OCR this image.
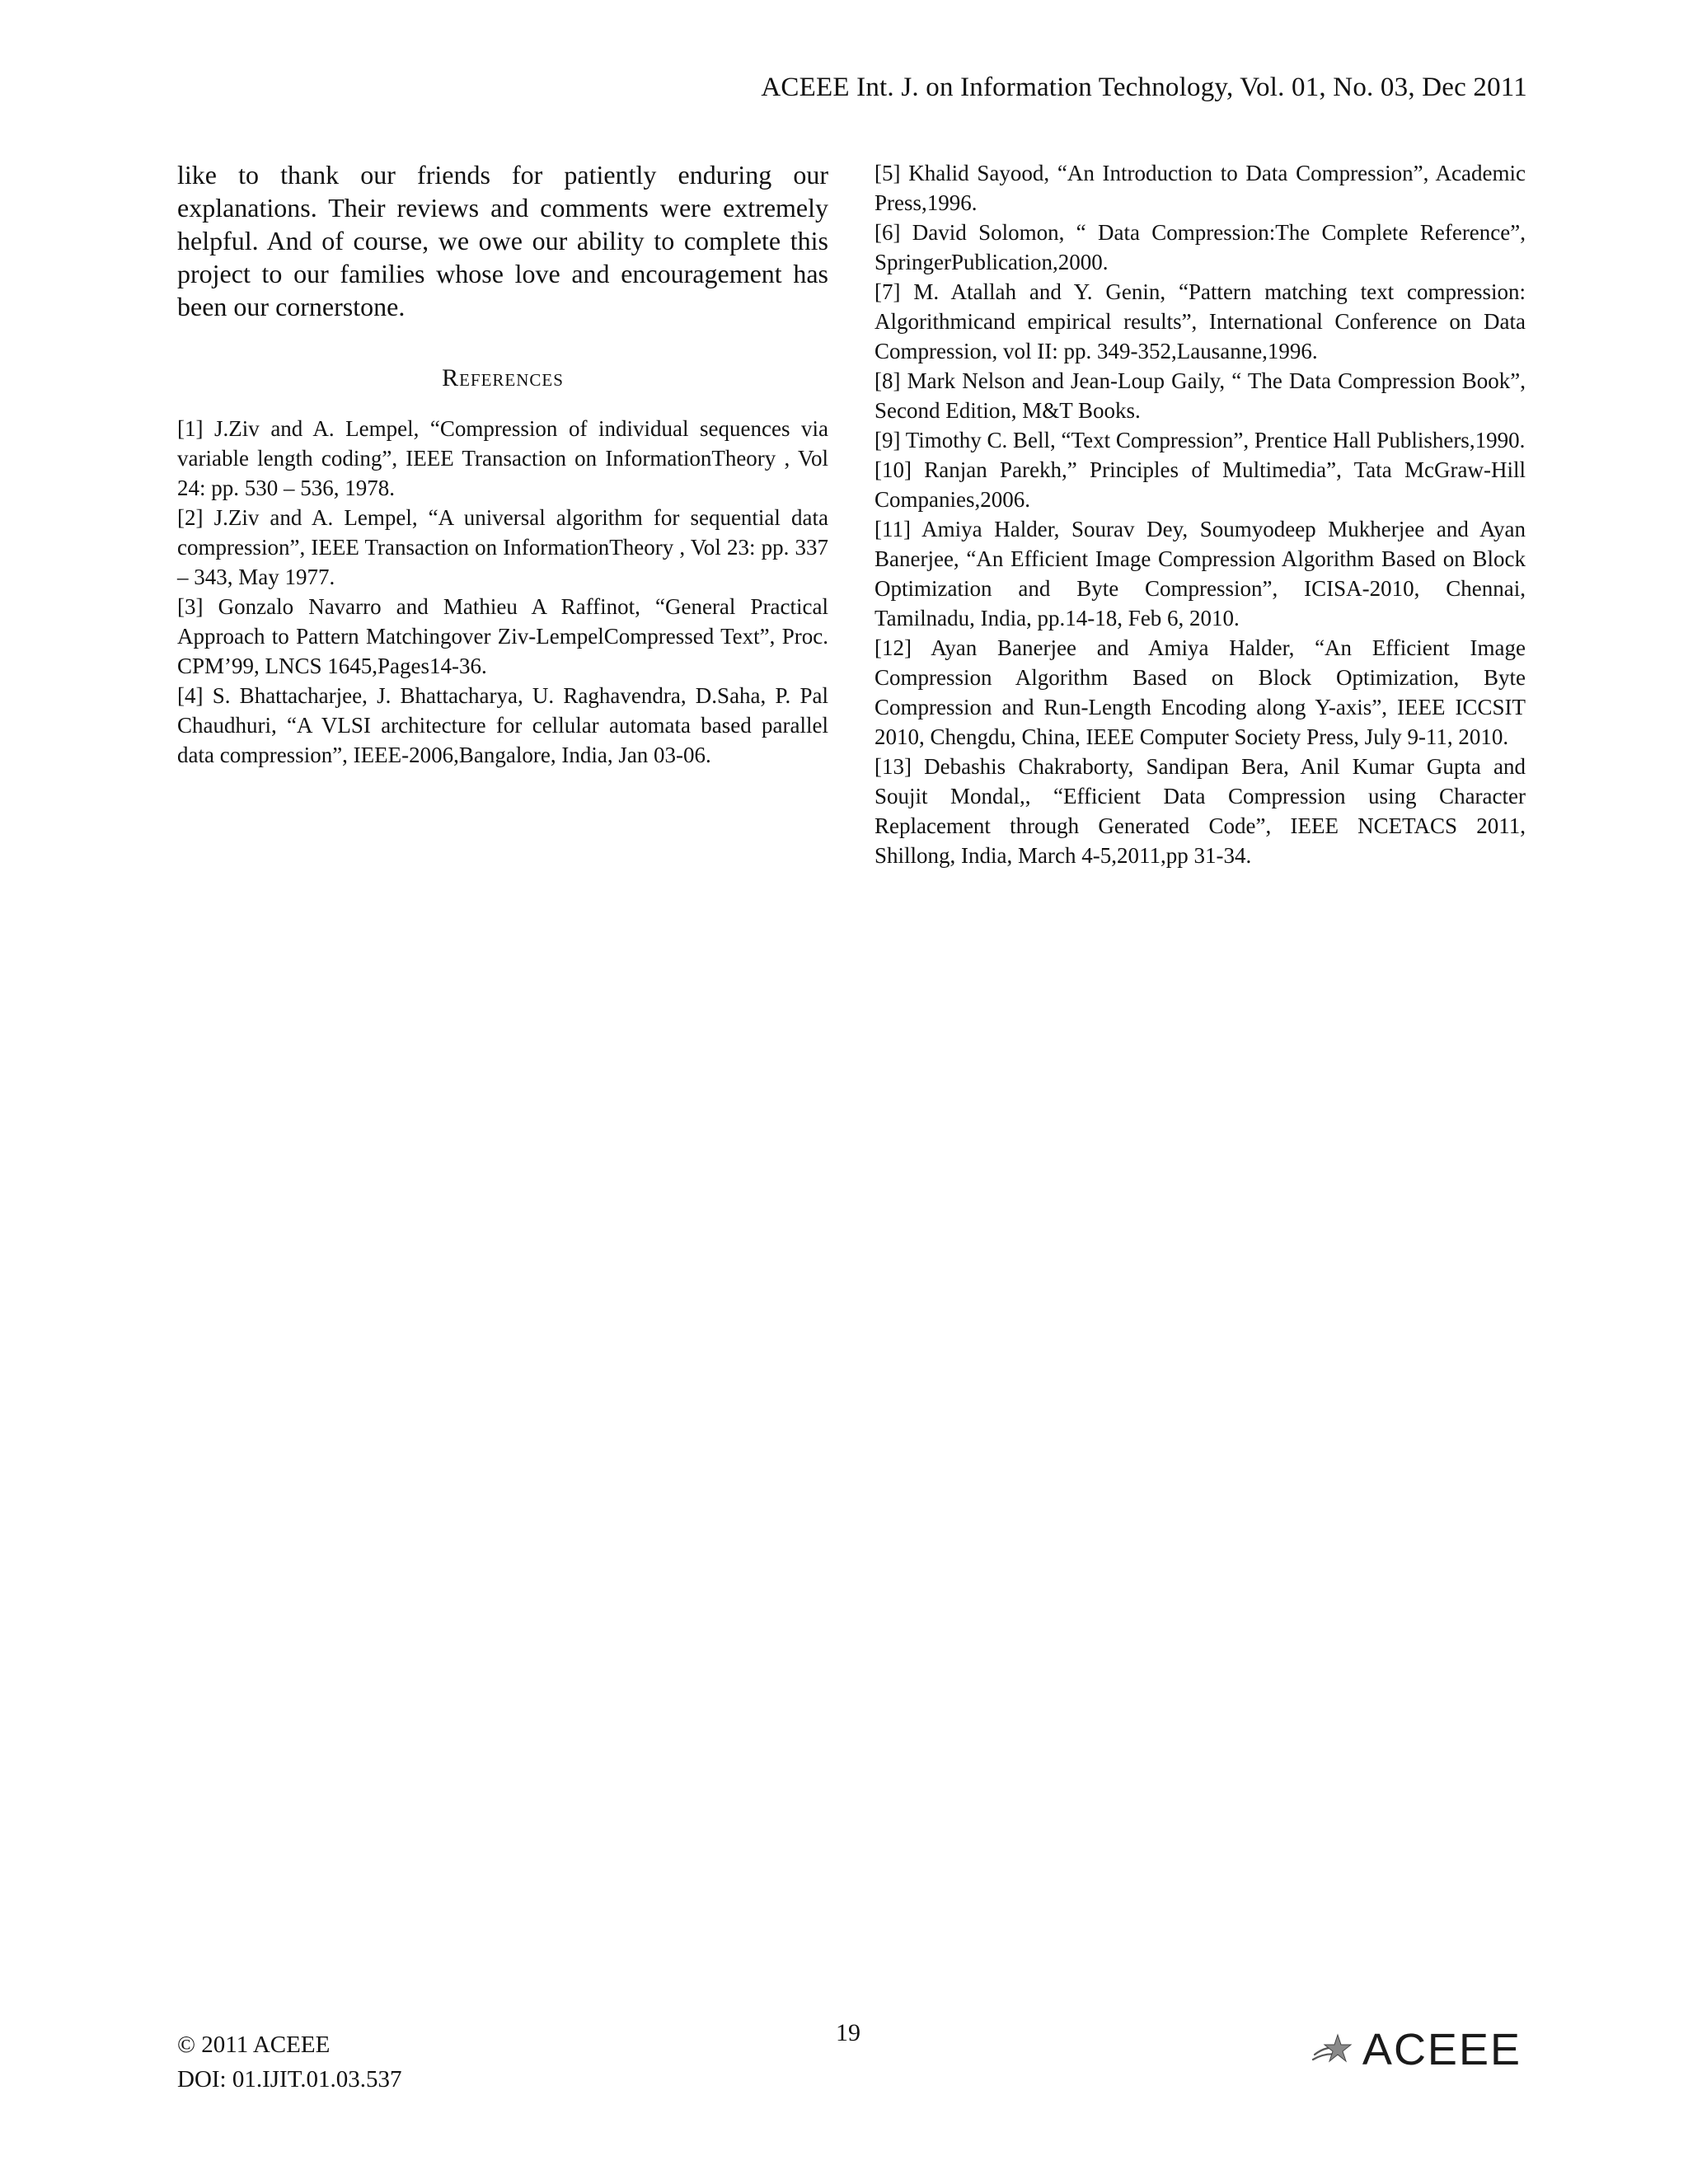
ACEEE Int. J. on Information Technology, Vol. 01, No. 03, Dec 2011

like to thank our friends for patiently enduring our explanations. Their reviews and comments were extremely helpful. And of course, we owe our ability to complete this project to our families whose love and encouragement has been our cornerstone.

References

[1] J.Ziv and A. Lempel, “Compression of individual sequences via variable length coding”, IEEE Transaction on InformationTheory , Vol 24: pp. 530 – 536, 1978.

[2] J.Ziv and A. Lempel, “A universal algorithm for sequential data compression”, IEEE Transaction on InformationTheory , Vol 23: pp. 337 – 343, May 1977.

[3] Gonzalo Navarro and Mathieu A Raffinot, “General Practical Approach to Pattern Matchingover Ziv-LempelCompressed Text”, Proc. CPM’99, LNCS 1645,Pages14-36.

[4] S. Bhattacharjee, J. Bhattacharya, U. Raghavendra, D.Saha, P. Pal Chaudhuri, “A VLSI architecture for cellular automata based parallel data compression”, IEEE-2006,Bangalore, India, Jan 03-06.

[5] Khalid Sayood, “An Introduction to Data Compression”, Academic Press,1996.

[6] David Solomon, “ Data Compression:The Complete Reference”, SpringerPublication,2000.

[7] M. Atallah and Y. Genin, “Pattern matching text compression: Algorithmicand empirical results”, International Conference on Data Compression, vol II: pp. 349-352,Lausanne,1996.

[8] Mark Nelson and Jean-Loup Gaily, “ The Data Compression Book”, Second Edition, M&T Books.

[9] Timothy C. Bell, “Text Compression”, Prentice Hall Publishers,1990.

[10] Ranjan Parekh,” Principles of Multimedia”, Tata McGraw-Hill Companies,2006.

[11] Amiya Halder, Sourav Dey, Soumyodeep Mukherjee and Ayan Banerjee, “An Efficient Image Compression Algorithm Based on Block Optimization and Byte Compression”, ICISA-2010, Chennai, Tamilnadu, India, pp.14-18, Feb 6, 2010.

[12] Ayan Banerjee and Amiya Halder, “An Efficient Image Compression Algorithm Based on Block Optimization, Byte Compression and Run-Length Encoding along Y-axis”, IEEE ICCSIT 2010, Chengdu, China, IEEE Computer Society Press, July 9-11, 2010.

[13] Debashis Chakraborty, Sandipan Bera, Anil Kumar Gupta and Soujit Mondal,, “Efficient Data Compression using Character Replacement through Generated Code”, IEEE NCETACS 2011, Shillong, India, March 4-5,2011,pp 31-34.

© 2011 ACEEE
DOI: 01.IJIT.01.03.537
19	ACEEE
